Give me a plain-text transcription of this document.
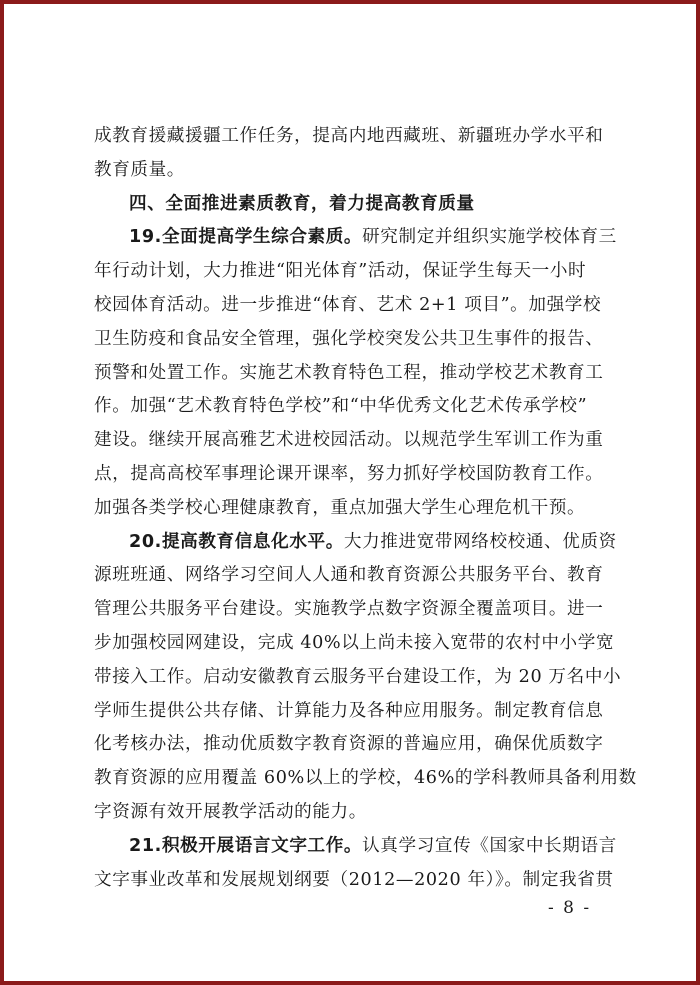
成教育援藏援疆工作任务，提高内地西藏班、新疆班办学水平和
教育质量。
四、全面推进素质教育，着力提高教育质量
19.全面提高学生综合素质。研究制定并组织实施学校体育三
年行动计划，大力推进“阳光体育”活动，保证学生每天一小时
校园体育活动。进一步推进“体育、艺术 2+1 项目”。加强学校
卫生防疫和食品安全管理，强化学校突发公共卫生事件的报告、
预警和处置工作。实施艺术教育特色工程，推动学校艺术教育工
作。加强“艺术教育特色学校”和“中华优秀文化艺术传承学校”
建设。继续开展高雅艺术进校园活动。以规范学生军训工作为重
点，提高高校军事理论课开课率，努力抓好学校国防教育工作。
加强各类学校心理健康教育，重点加强大学生心理危机干预。
20.提高教育信息化水平。大力推进宽带网络校校通、优质资
源班班通、网络学习空间人人通和教育资源公共服务平台、教育
管理公共服务平台建设。实施教学点数字资源全覆盖项目。进一
步加强校园网建设，完成 40%以上尚未接入宽带的农村中小学宽
带接入工作。启动安徽教育云服务平台建设工作，为 20 万名中小
学师生提供公共存储、计算能力及各种应用服务。制定教育信息
化考核办法，推动优质数字教育资源的普遍应用，确保优质数字
教育资源的应用覆盖 60%以上的学校，46%的学科教师具备利用数
字资源有效开展教学活动的能力。
21.积极开展语言文字工作。认真学习宣传《国家中长期语言
文字事业改革和发展规划纲要（2012—2020 年）》。制定我省贯
- 8 -
